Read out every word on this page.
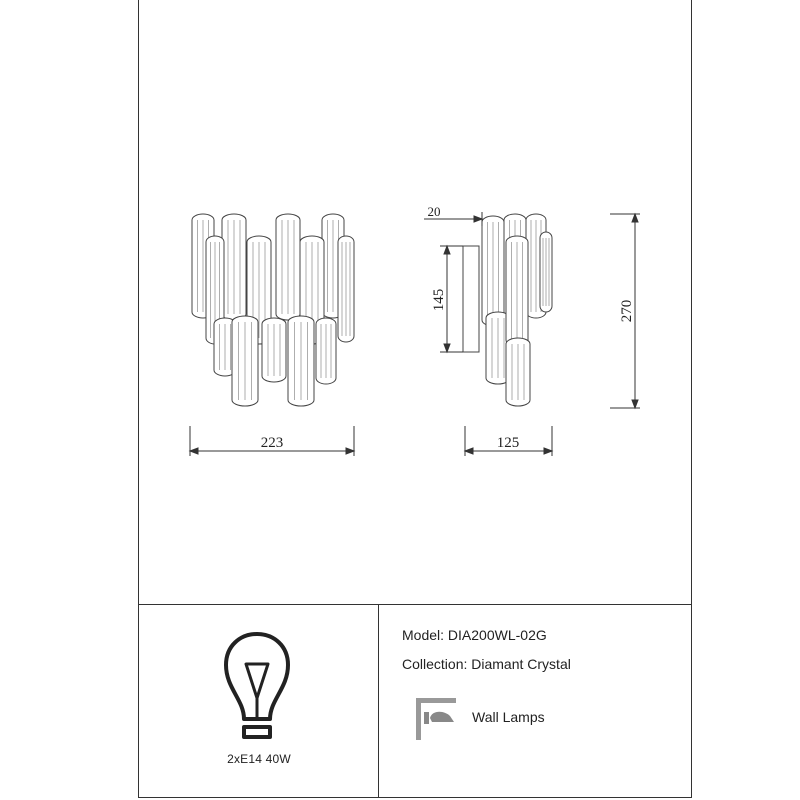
223	125
20
145	270
2xE14 40W
Model: DIA200WL-02G
Collection: Diamant Crystal
Wall Lamps
